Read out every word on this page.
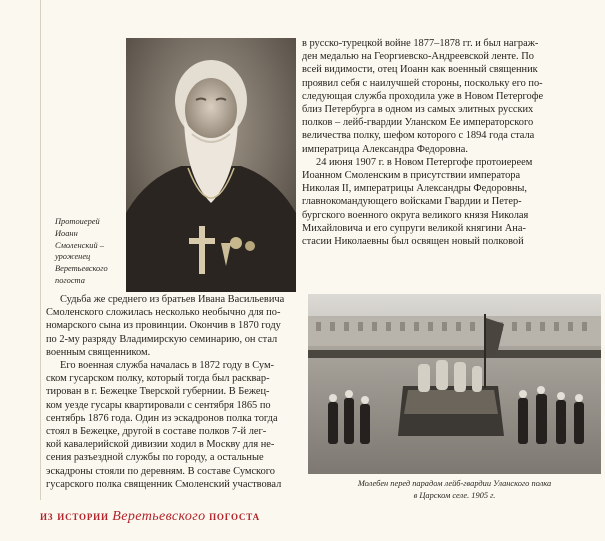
Протоиерей
Иоанн
Смоленский –
уроженец
Веретьевского
погоста
в русско-турецкой войне 1877–1878 гг. и был награж-
ден медалью на Георгиевско-Андреевской ленте. По
всей видимости, отец Иоанн как военный священник
проявил себя с наилучшей стороны, поскольку его по-
следующая служба проходила уже в Новом Петергофе
близ Петербурга в одном из самых элитных русских
полков – лейб-гвардии Уланском Ее императорского
величества полку, шефом которого с 1894 года стала
императрица Александра Федоровна.
24 июня 1907 г. в Новом Петергофе протоиереем
Иоанном Смоленским в присутствии императора
Николая II, императрицы Александры Федоровны,
главнокомандующего войсками Гвардии и Петер-
бургского военного округа великого князя Николая
Михайловича и его супруги великой княгини Ана-
стасии Николаевны был освящен новый полковой
Судьба же среднего из братьев Ивана Васильевича
Смоленского сложилась несколько необычно для по-
номарского сына из провинции. Окончив в 1870 году
по 2-му разряду Владимирскую семинарию, он стал
военным священником.
Его военная служба началась в 1872 году в Сум-
ском гусарском полку, который тогда был расквар-
тирован в г. Бежецке Тверской губернии. В Бежец-
ком уезде гусары квартировали с сентября 1865 по
сентябрь 1876 года. Один из эскадронов полка тогда
стоял в Бежецке, другой в составе полков 7-й лег-
кой кавалерийской дивизии ходил в Москву для не-
сения разъездной службы по городу, а остальные
эскадроны стояли по деревням. В составе Сумского
гусарского полка священник Смоленский участвовал	Молебен перед парадом лейб-гвардии Уланского полка
в Царском селе. 1905 г.
из истории Веретьевского погоста
